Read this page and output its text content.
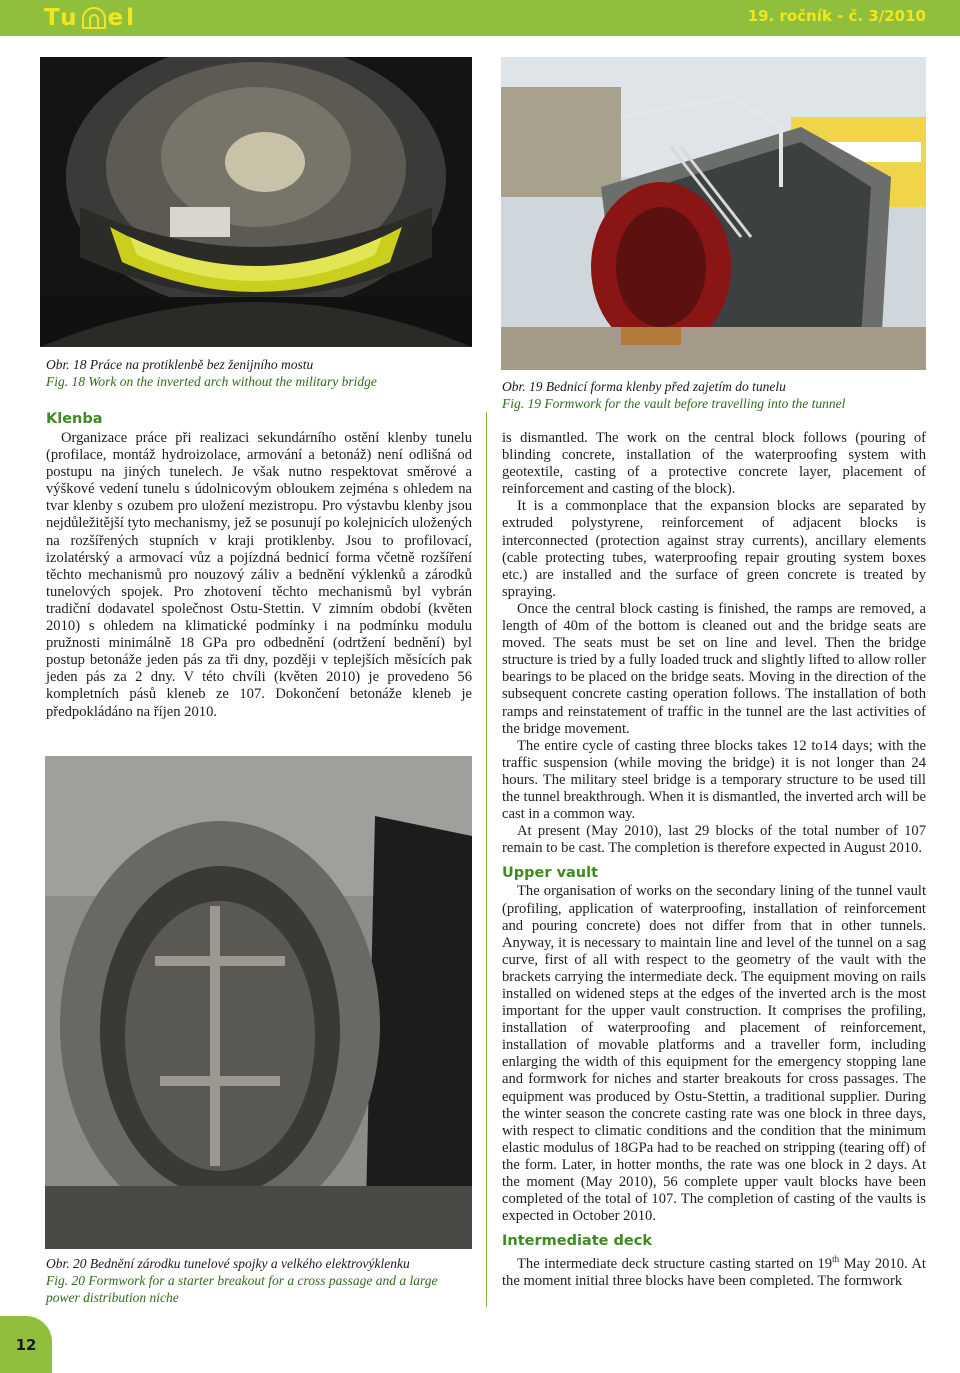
Tu el	19. ročník - č. 3/2010
Obr. 18 Práce na protiklenbě bez ženijního mostu
Fig. 18 Work on the inverted arch without the military bridge	Obr. 19 Bednicí forma klenby před zajetím do tunelu
Fig. 19 Formwork for the vault before travelling into the tunnel
Obr. 20 Bednění zárodku tunelové spojky a velkého elektrovýklenku
Fig. 20 Formwork for a starter breakout for a cross passage and a large power distribution niche
Klenba

Organizace práce při realizaci sekundárního ostění klenby tunelu (profilace, montáž hydroizolace, armování a betonáž) není odlišná od postupu na jiných tunelech. Je však nutno respektovat směrové a výškové vedení tunelu s údolnicovým obloukem zejména s ohledem na tvar klenby s ozubem pro uložení mezistropu. Pro výstavbu klenby jsou nejdůležitější tyto mechanismy, jež se posunují po kolejnicích uložených na rozšířených stupních v kraji protiklenby. Jsou to profilovací, izolatérský a armovací vůz a pojízdná bednicí forma včetně rozšíření těchto mechanismů pro nouzový záliv a bednění výklenků a zárodků tunelových spojek. Pro zhotovení těchto mechanismů byl vybrán tradiční dodavatel společnost Ostu-Stettin. V zimním období (květen 2010) s ohledem na klimatické podmínky i na podmínku modulu pružnosti minimálně 18 GPa pro odbednění (odrtžení bednění) byl postup betonáže jeden pás za tři dny, později v teplejších měsících pak jeden pás za 2 dny. V této chvíli (květen 2010) je provedeno 56 kompletních pásů kleneb ze 107. Dokončení betonáže kleneb je předpokládáno na říjen 2010.

is dismantled. The work on the central block follows (pouring of blinding concrete, installation of the waterproofing system with geotextile, casting of a protective concrete layer, placement of reinforcement and casting of the block).

It is a commonplace that the expansion blocks are separated by extruded polystyrene, reinforcement of adjacent blocks is interconnected (protection against stray currents), ancillary elements (cable protecting tubes, waterproofing repair grouting system boxes etc.) are installed and the surface of green concrete is treated by spraying.

Once the central block casting is finished, the ramps are removed, a length of 40m of the bottom is cleaned out and the bridge seats are moved. The seats must be set on line and level. Then the bridge structure is tried by a fully loaded truck and slightly lifted to allow roller bearings to be placed on the bridge seats. Moving in the direction of the subsequent concrete casting operation follows. The installation of both ramps and reinstatement of traffic in the tunnel are the last activities of the bridge movement.

The entire cycle of casting three blocks takes 12 to14 days; with the traffic suspension (while moving the bridge) it is not longer than 24 hours. The military steel bridge is a temporary structure to be used till the tunnel breakthrough. When it is dismantled, the inverted arch will be cast in a common way.

At present (May 2010), last 29 blocks of the total number of 107 remain to be cast. The completion is therefore expected in August 2010.

Upper vault

The organisation of works on the secondary lining of the tunnel vault (profiling, application of waterproofing, installation of reinforcement and pouring concrete) does not differ from that in other tunnels. Anyway, it is necessary to maintain line and level of the tunnel on a sag curve, first of all with respect to the geometry of the vault with the brackets carrying the intermediate deck. The equipment moving on rails installed on widened steps at the edges of the inverted arch is the most important for the upper vault construction. It comprises the profiling, installation of waterproofing and placement of reinforcement, installation of movable platforms and a traveller form, including enlarging the width of this equipment for the emergency stopping lane and formwork for niches and starter breakouts for cross passages. The equipment was produced by Ostu-Stettin, a traditional supplier. During the winter season the concrete casting rate was one block in three days, with respect to climatic conditions and the condition that the minimum elastic modulus of 18GPa had to be reached on stripping (tearing off) of the form. Later, in hotter months, the rate was one block in 2 days. At the moment (May 2010), 56 complete upper vault blocks have been completed of the total of 107. The completion of casting of the vaults is expected in October 2010.

Intermediate deck

The intermediate deck structure casting started on 19th May 2010. At the moment initial three blocks have been completed. The formwork

12
